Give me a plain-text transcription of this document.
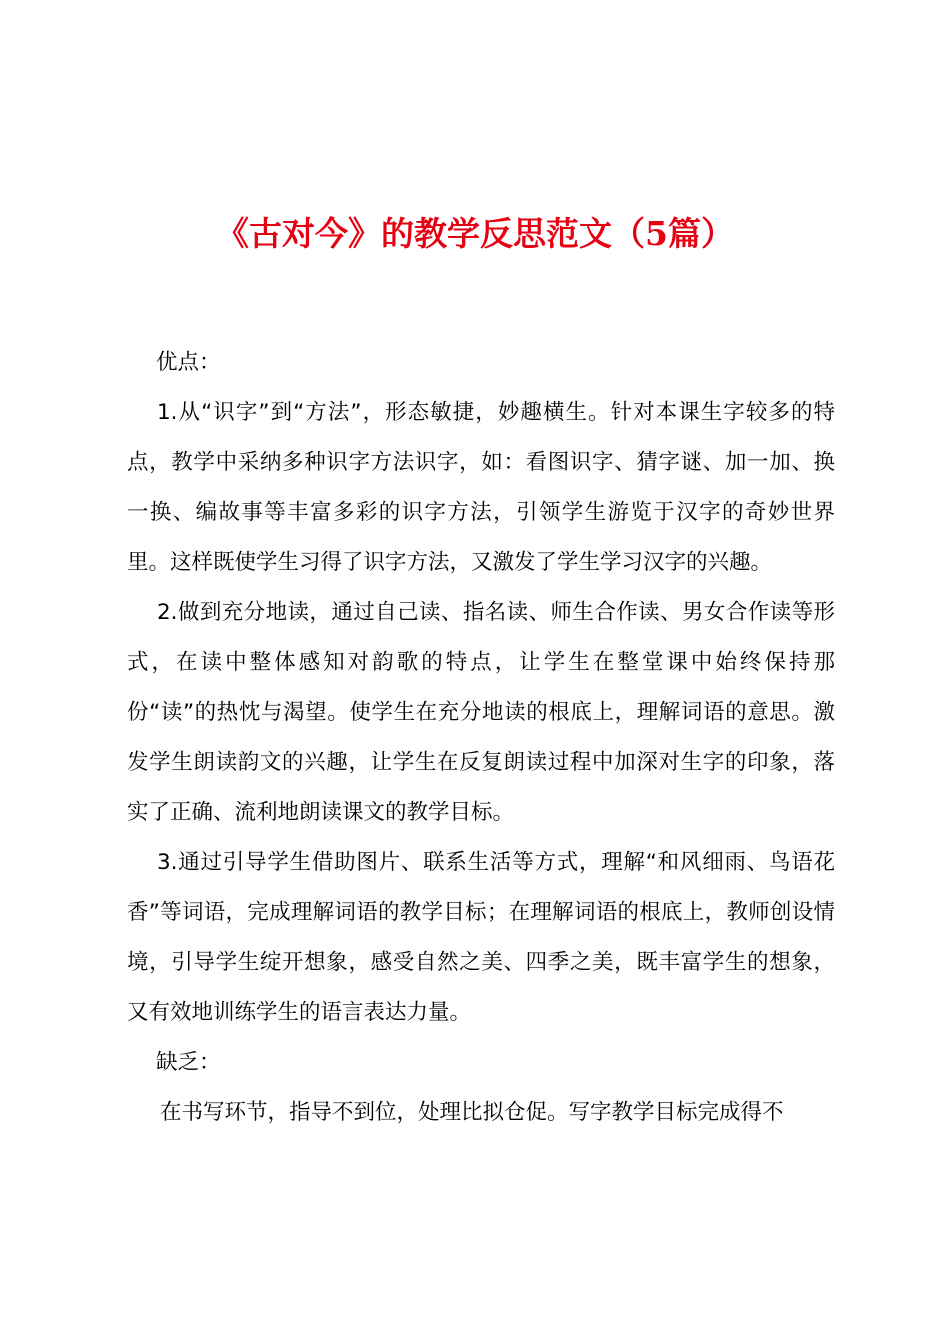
《古对今》的教学反思范文（5篇）

优点：

1.从“识字”到“方法”，形态敏捷，妙趣横生。针对本课生字较多的特点，教学中采纳多种识字方法识字，如：看图识字、猜字谜、加一加、换一换、编故事等丰富多彩的识字方法，引领学生游览于汉字的奇妙世界里。这样既使学生习得了识字方法，又激发了学生学习汉字的兴趣。

2.做到充分地读，通过自己读、指名读、师生合作读、男女合作读等形式，在读中整体感知对韵歌的特点，让学生在整堂课中始终保持那份“读”的热忱与渴望。使学生在充分地读的根底上，理解词语的意思。激发学生朗读韵文的兴趣，让学生在反复朗读过程中加深对生字的印象，落实了正确、流利地朗读课文的教学目标。

3.通过引导学生借助图片、联系生活等方式，理解“和风细雨、鸟语花香”等词语，完成理解词语的教学目标；在理解词语的根底上，教师创设情境，引导学生绽开想象，感受自然之美、四季之美，既丰富学生的想象，又有效地训练学生的语言表达力量。

缺乏：

在书写环节，指导不到位，处理比拟仓促。写字教学目标完成得不
